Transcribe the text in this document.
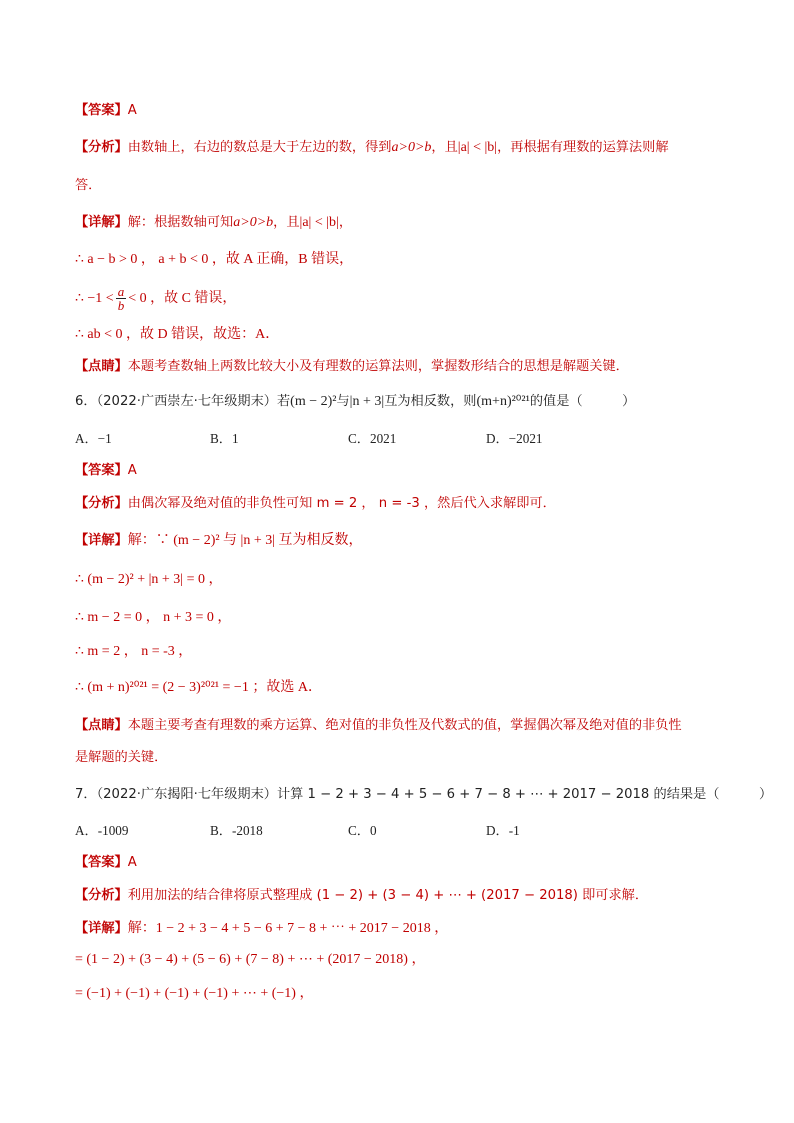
【答案】A
【分析】由数轴上，右边的数总是大于左边的数，得到a>0>b，且|a| < |b|，再根据有理数的运算法则解
答．
【详解】解：根据数轴可知a>0>b，且|a| < |b|，
∴ a − b > 0 ， a + b < 0 ，故 A 正确，B 错误，
∴ $-1 < \frac{a}{b} < 0$ ，故 C 错误，
∴ ab < 0 ，故 D 错误，故选：A．
【点睛】本题考查数轴上两数比较大小及有理数的运算法则，掌握数形结合的思想是解题关键．
6．（2022·广西崇左·七年级期末）若(m − 2)²与|n + 3|互为相反数，则(m+n)²⁰²¹的值是（　　　）
A．−1	B．1	C．2021	D．−2021
【答案】A
【分析】由偶次幂及绝对值的非负性可知 m = 2 ， n = -3 ，然后代入求解即可．
【详解】解：∵ (m − 2)² 与 |n + 3| 互为相反数，
∴ (m − 2)² + |n + 3| = 0 ，
∴ m − 2 = 0 ， n + 3 = 0 ，
∴ m = 2 ， n = -3 ，
∴ (m + n)²⁰²¹ = (2 − 3)²⁰²¹ = −1 ；故选 A．
【点睛】本题主要考查有理数的乘方运算、绝对值的非负性及代数式的值，掌握偶次幂及绝对值的非负性
是解题的关键．
7．（2022·广东揭阳·七年级期末）计算 1 − 2 + 3 − 4 + 5 − 6 + 7 − 8 + ⋯ + 2017 − 2018 的结果是（　　　）
A．-1009	B．-2018	C．0	D．-1
【答案】A
【分析】利用加法的结合律将原式整理成 (1 − 2) + (3 − 4) + ⋯ + (2017 − 2018) 即可求解．
【详解】解：1 − 2 + 3 − 4 + 5 − 6 + 7 − 8 + ⋯ + 2017 − 2018 ，
= (1 − 2) + (3 − 4) + (5 − 6) + (7 − 8) + ⋯ + (2017 − 2018) ，
= (−1) + (−1) + (−1) + (−1) + ⋯ + (−1) ，
